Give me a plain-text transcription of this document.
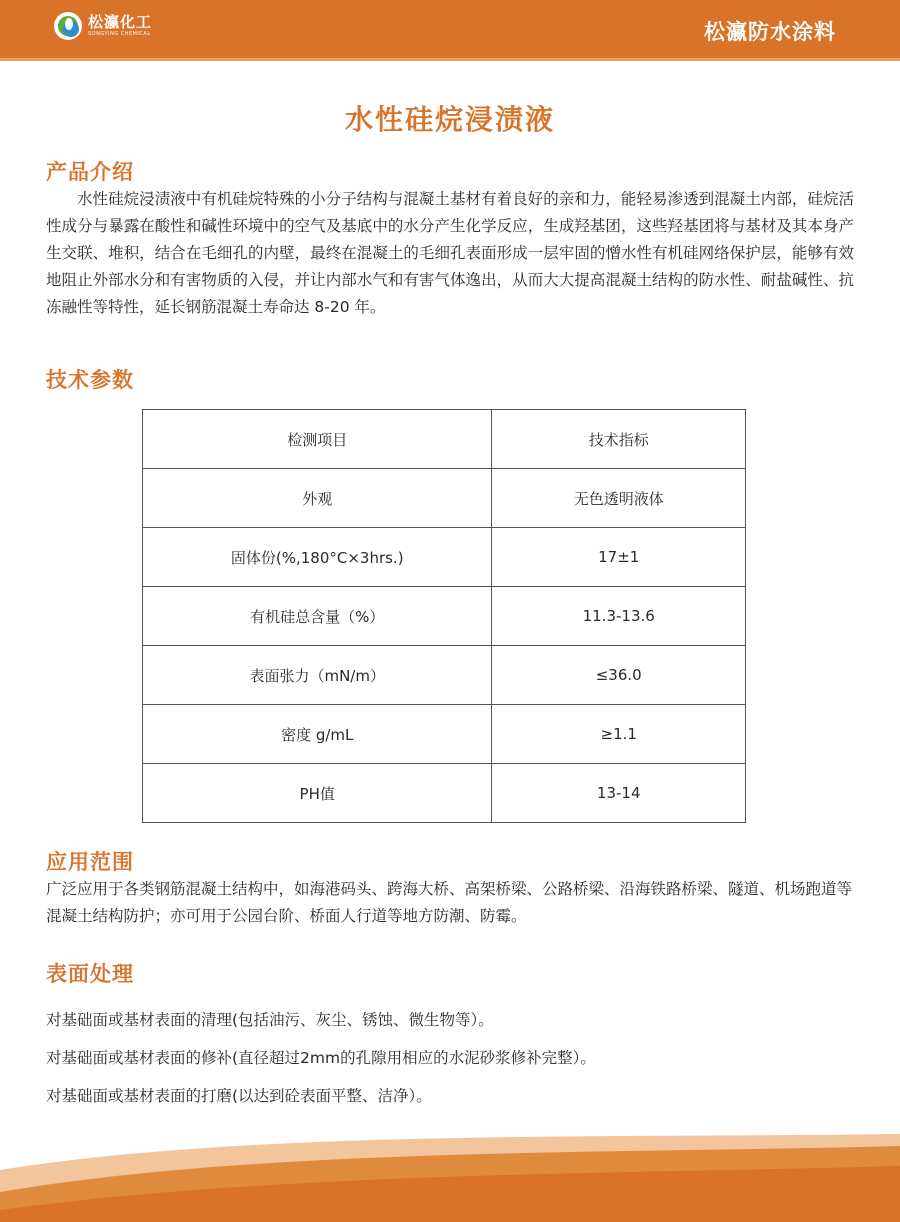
松瀛化工
SONGYING CHEMICAL	松瀛防水涂料
水性硅烷浸渍液
产品介绍

水性硅烷浸渍液中有机硅烷特殊的小分子结构与混凝土基材有着良好的亲和力，能轻易渗透到混凝土内部，硅烷活性成分与暴露在酸性和碱性环境中的空气及基底中的水分产生化学反应，生成羟基团，这些羟基团将与基材及其本身产生交联、堆积，结合在毛细孔的内壁，最终在混凝土的毛细孔表面形成一层牢固的憎水性有机硅网络保护层，能够有效地阻止外部水分和有害物质的入侵，并让内部水气和有害气体逸出，从而大大提高混凝土结构的防水性、耐盐碱性、抗冻融性等特性，延长钢筋混凝土寿命达 8-20 年。

技术参数
检测项目	技术指标
外观	无色透明液体
固体份(%,180°C×3hrs.)	17±1
有机硅总含量（%）	11.3-13.6
表面张力（mN/m）	≤36.0
密度 g/mL	≥1.1
PH值	13-14
应用范围

广泛应用于各类钢筋混凝土结构中，如海港码头、跨海大桥、高架桥梁、公路桥梁、沿海铁路桥梁、隧道、机场跑道等混凝土结构防护；亦可用于公园台阶、桥面人行道等地方防潮、防霉。

表面处理

对基础面或基材表面的清理(包括油污、灰尘、锈蚀、微生物等）。

对基础面或基材表面的修补(直径超过2mm的孔隙用相应的水泥砂浆修补完整）。

对基础面或基材表面的打磨(以达到砼表面平整、洁净）。
